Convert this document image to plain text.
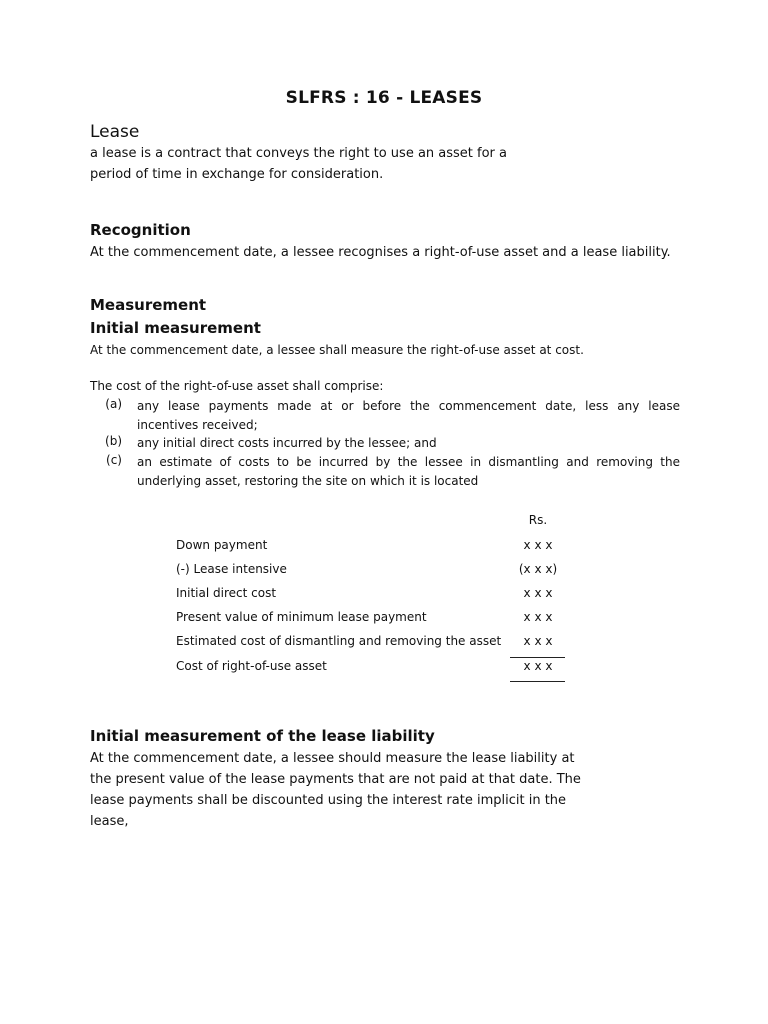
SLFRS : 16 - LEASES
Lease
a lease is a contract that conveys the right to use an asset for a
period of time in exchange for consideration.
Recognition
At the commencement date, a lessee recognises a right-of-use asset and a lease liability.
Measurement
Initial measurement
At the commencement date, a lessee shall measure the right-of-use asset at cost.
The cost of the right-of-use asset shall comprise:
(a) any lease payments made at or before the commencement date, less any lease incentives received;
(b) any initial direct costs incurred by the lessee; and
(c) an estimate of costs to be incurred by the lessee in dismantling and removing the underlying asset, restoring the site on which it is located
Rs.
Down payment	x x x
(-) Lease intensive	(x x x)
Initial direct cost	x x x
Present value of minimum lease payment	x x x
Estimated cost of dismantling and removing the asset	x x x
Cost of right-of-use asset	x x x
Initial measurement of the lease liability
At the commencement date, a lessee should measure the lease liability at
the present value of the lease payments that are not paid at that date. The
lease payments shall be discounted using the interest rate implicit in the
lease,
